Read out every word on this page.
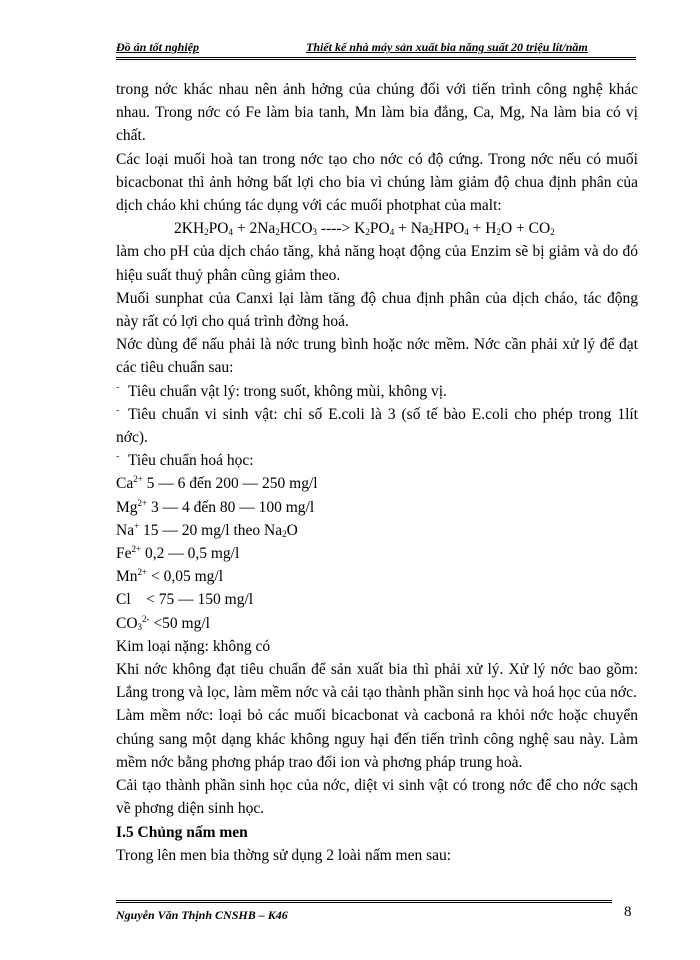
Đồ án tốt nghiệp	Thiết kế nhà máy sản xuất bia năng suất 20 triệu lít/năm

trong nớc khác nhau nên ảnh hởng của chúng đối với tiến trình công nghệ khác nhau. Trong nớc có Fe làm bia tanh, Mn làm bia đắng, Ca, Mg, Na làm bia có vị chất.

Các loại muối hoà tan trong nớc tạo cho nớc có độ cứng. Trong nớc nếu có muối bicacbonat thì ảnh hởng bất lợi cho bia vì chúng làm giảm độ chua định phân của dịch cháo khi chúng tác dụng với các muối photphat của malt:

$2KH_2PO_4 + 2Na_2HCO_3$ ----> $K_2PO_4 + Na_2HPO_4 + H_2O + CO_2$

làm cho pH của dịch cháo tăng, khả năng hoạt động của Enzim sẽ bị giảm và do đó hiệu suất thuỷ phân cũng giảm theo.

Muối sunphat của Canxi lại làm tăng độ chua định phân của dịch cháo, tác động này rất có lợi cho quá trình đờng hoá.

Nớc dùng để nấu phải là nớc trung bình hoặc nớc mềm. Nớc cần phải xử lý để đạt các tiêu chuẩn sau:

˜ Tiêu chuẩn vật lý: trong suốt, không mùi, không vị.

˜ Tiêu chuẩn vi sinh vật: chỉ số E.coli là 3 (số tế bào E.coli cho phép trong 1lít nớc).

˜ Tiêu chuẩn hoá học:

$Ca^{2+}$ 5 — 6 đến 200 — 250 mg/l

$Mg^{2+}$ 3 — 4 đến 80 — 100 mg/l

Na+ 15 — 20 mg/l theo $Na_2O$

$Fe^{2+}$ 0,2 — 0,5 mg/l

$Mn^{2+} < 0,05$ mg/l

Cl    < 75 — 150 mg/l

$CO_3^{2-} <50$ mg/l

Kim loại nặng: không có

Khi nớc không đạt tiêu chuẩn để sản xuất bia thì phải xử lý. Xử lý nớc bao gồm: Lắng trong và lọc, làm mềm nớc và cải tạo thành phần sinh học và hoá học của nớc.

Làm mềm nớc: loại bỏ các muối bicacbonat và cacbonả ra khỏi nớc hoặc chuyển chúng sang một dạng khác không nguy hại đến tiến trình công nghệ sau này. Làm mềm nớc bằng phơng pháp trao đổi ion và phơng pháp trung hoà.

Cải tạo thành phần sinh học của nớc, diệt vi sinh vật có trong nớc để cho nớc sạch về phơng diện sinh học.

I.5 Chủng nấm men

Trong lên men bia thờng sử dụng 2 loài nấm men sau:

Nguyễn Văn Thịnh CNSHB – K46	8
